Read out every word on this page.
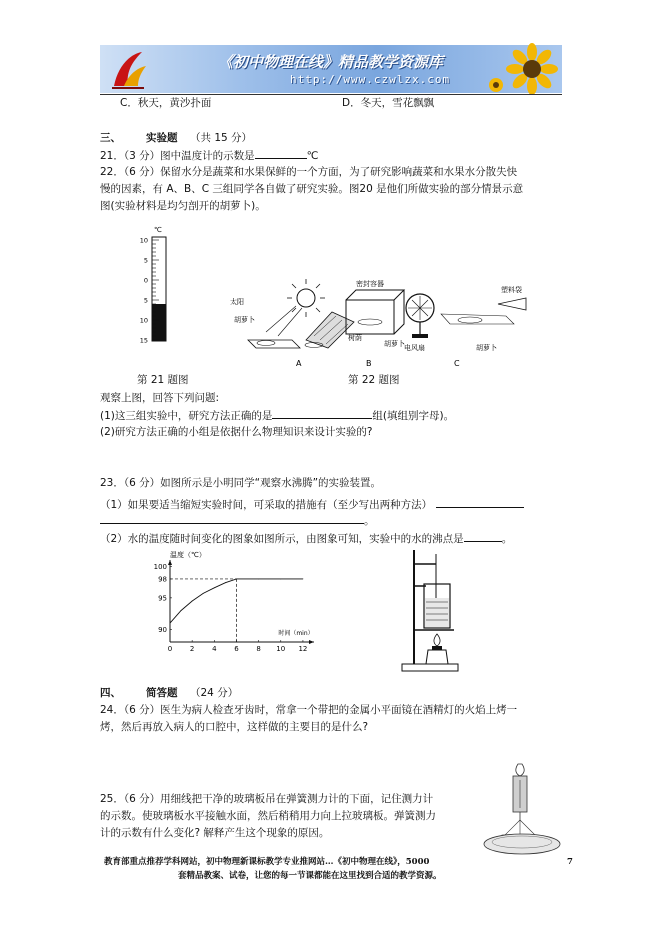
《初中物理在线》精品教学资源库
http://www.czwlzx.com
C．秋天，黄沙扑面	D．冬天，雪花飘飘
三、 实验题 （共 15 分）
21．（3 分）图中温度计的示数是	℃
22．（6 分）保留水分是蔬菜和水果保鲜的一个方面，为了研究影响蔬菜和水果水分散失快
慢的因素，有 A、B、C 三组同学各自做了研究实验。图20 是他们所做实验的部分情景示意
图(实验材料是均匀剖开的胡萝卜)。
℃
10
5
0
5
10
15
太阳
胡萝卜
树荫
密封容器
胡萝卜
塑料袋
电风扇	胡萝卜
A	B	C
第 21 题图	第 22 题图
观察上图，回答下列问题:
(1)这三组实验中，研究方法正确的是	组(填组别字母)。
(2)研究方法正确的小组是依据什么物理知识来设计实验的?
23．（6 分）如图所示是小明同学“观察水沸腾”的实验装置。
（1）如果要适当缩短实验时间，可采取的措施有（至少写出两种方法）
。
（2）水的温度随时间变化的图象如图所示，由图象可知，实验中的水的沸点是	。
温度（℃）
时间（min）
0	2	4	6	8 10 12
90
95
98
100
四、 简答题 （24 分）
24．（6 分）医生为病人检查牙齿时，常拿一个带把的金属小平面镜在酒精灯的火焰上烤一
烤，然后再放入病人的口腔中，这样做的主要目的是什么?
25．（6 分）用细线把干净的玻璃板吊在弹簧测力计的下面，记住测力计
的示数。使玻璃板水平接触水面，然后稍稍用力向上拉玻璃板。弹簧测力
计的示数有什么变化? 解释产生这个现象的原因。
教育部重点推荐学科网站，初中物理新课标教学专业推网站…《初中物理在线》，5000	7
套精品教案、试卷，让您的每一节课都能在这里找到合适的教学资源。
